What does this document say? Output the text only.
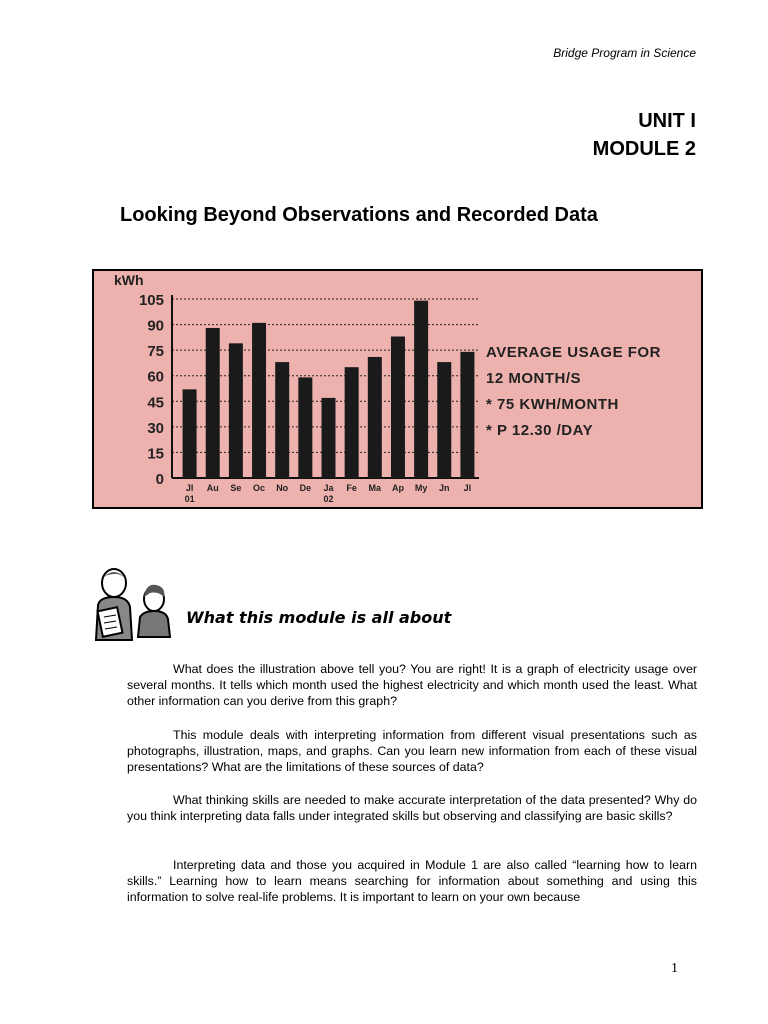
Bridge Program in Science
UNIT I
MODULE 2
Looking Beyond Observations and Recorded Data
kWh
0
15
30
45
60
75
90
105
Jl
01
Au Se Oc No De Ja
02
Fe Ma Ap My Jn Jl
AVERAGE USAGE FOR
12 MONTH/S
* 75 KWH/MONTH
* P 12.30 /DAY
What this module is all about

What does the illustration above tell you? You are right! It is a graph of electricity usage over several months. It tells which month used the highest electricity and which month used the least. What other information can you derive from this graph?

This module deals with interpreting information from different visual presentations such as photographs, illustration, maps, and graphs. Can you learn new information from each of these visual presentations? What are the limitations of these sources of data?

What thinking skills are needed to make accurate interpretation of the data presented? Why do you think interpreting data falls under integrated skills but observing and classifying are basic skills?

Interpreting data and those you acquired in Module 1 are also called “learning how to learn skills.” Learning how to learn means searching for information about something and using this information to solve real-life problems. It is important to learn on your own because

1
